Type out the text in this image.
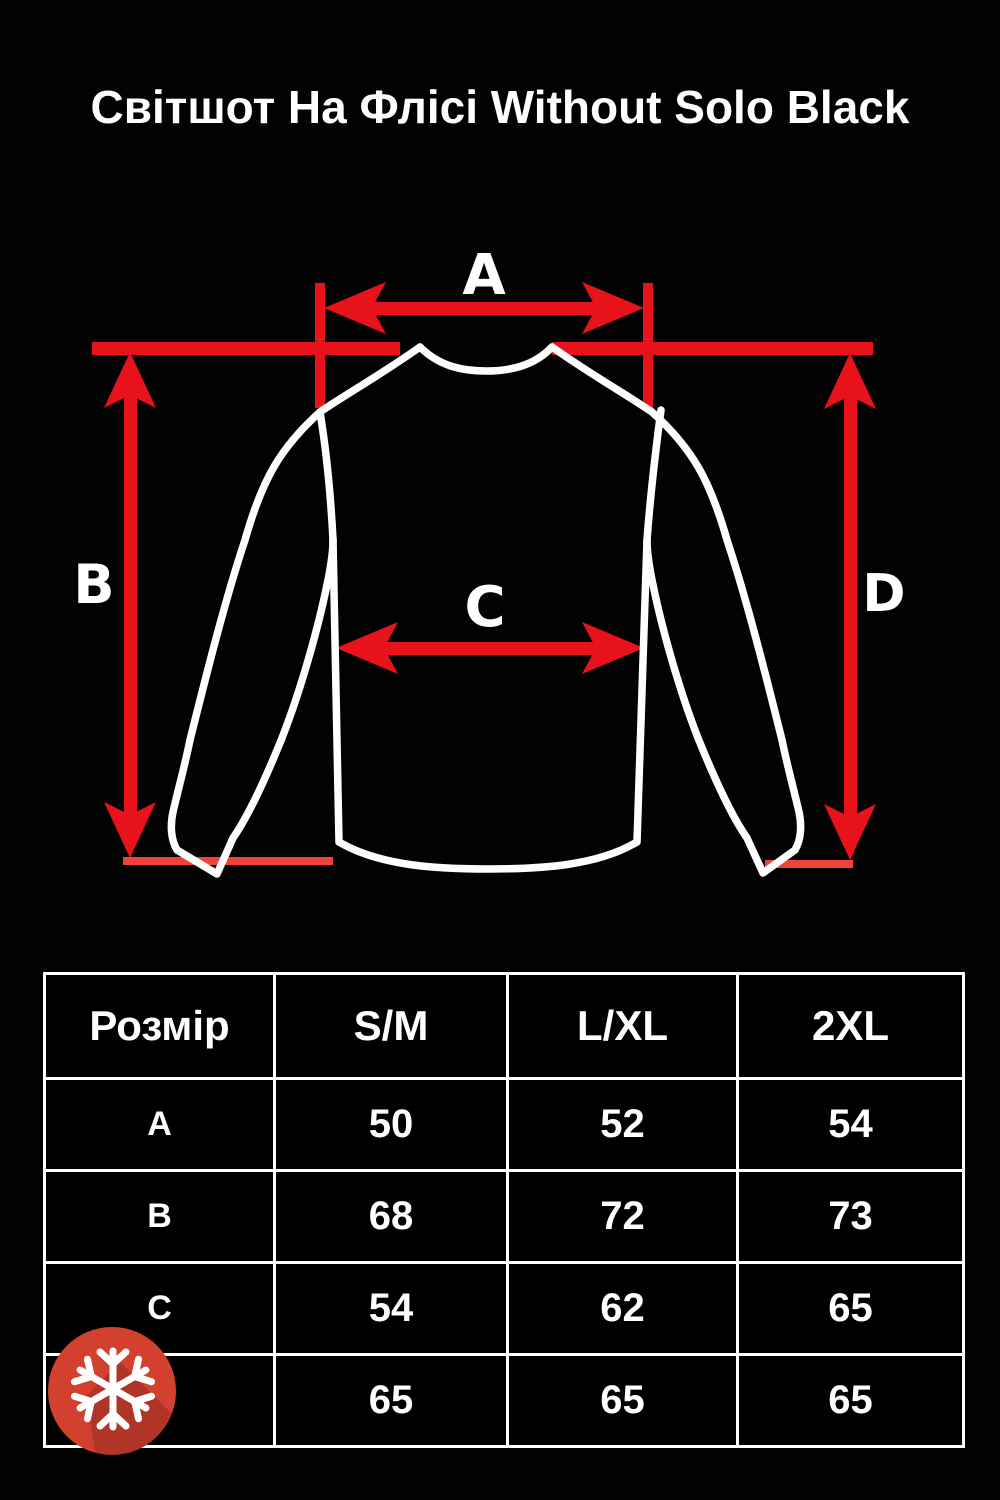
Світшот На Флісі Without Solo Black
A
B	C	D
Розмір	S/M	L/XL	2XL
A	50	52	54
B	68	72	73
C	54	62	65
	65	65	65
